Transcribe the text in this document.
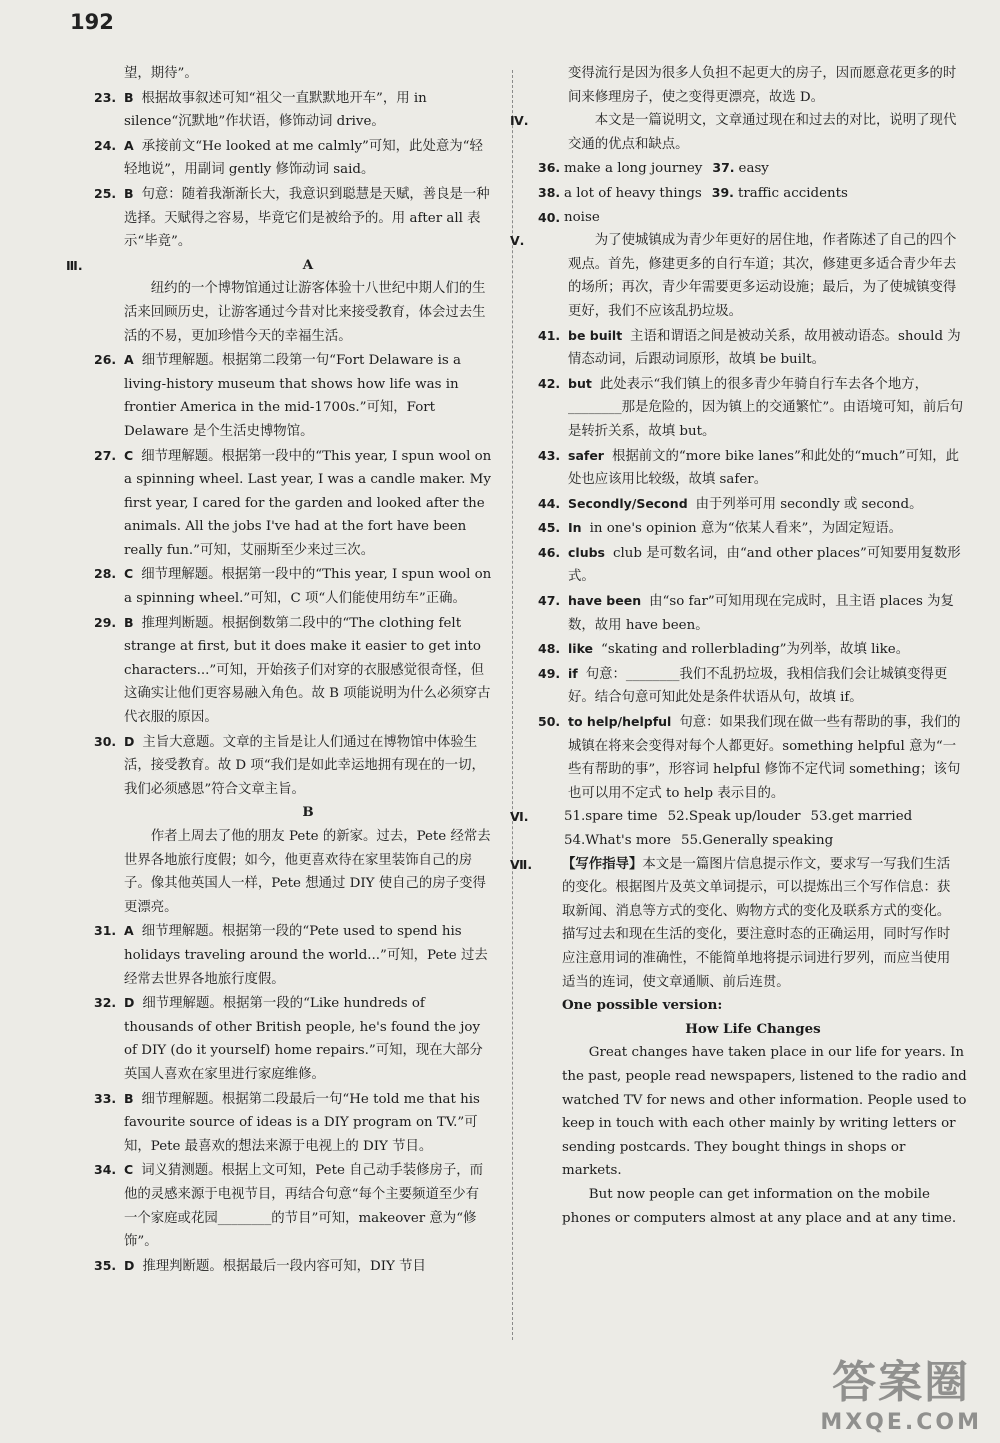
192

望，期待”。

23. B 根据故事叙述可知“祖父一直默默地开车”，用 in silence“沉默地”作状语，修饰动词 drive。
24. A 承接前文“He looked at me calmly”可知，此处意为“轻轻地说”，用副词 gently 修饰动词 said。
25. B 句意：随着我渐渐长大，我意识到聪慧是天赋，善良是一种选择。天赋得之容易，毕竟它们是被给予的。用 after all 表示“毕竟”。
Ⅲ.	A

纽约的一个博物馆通过让游客体验十八世纪中期人们的生活来回顾历史，让游客通过今昔对比来接受教育，体会过去生活的不易，更加珍惜今天的幸福生活。

26. A 细节理解题。根据第二段第一句“Fort Delaware is a living-history museum that shows how life was in frontier America in the mid-1700s.”可知，Fort Delaware 是个生活史博物馆。
27. C 细节理解题。根据第一段中的“This year, I spun wool on a spinning wheel. Last year, I was a candle maker. My first year, I cared for the garden and looked after the animals. All the jobs I've had at the fort have been really fun.”可知，艾丽斯至少来过三次。
28. C 细节理解题。根据第一段中的“This year, I spun wool on a spinning wheel.”可知，C 项“人们能使用纺车”正确。
29. B 推理判断题。根据倒数第二段中的“The clothing felt strange at first, but it does make it easier to get into characters...”可知，开始孩子们对穿的衣服感觉很奇怪，但这确实让他们更容易融入角色。故 B 项能说明为什么必须穿古代衣服的原因。
30. D 主旨大意题。文章的主旨是让人们通过在博物馆中体验生活，接受教育。故 D 项“我们是如此幸运地拥有现在的一切，我们必须感恩”符合文章主旨。

B

作者上周去了他的朋友 Pete 的新家。过去，Pete 经常去世界各地旅行度假；如今，他更喜欢待在家里装饰自己的房子。像其他英国人一样，Pete 想通过 DIY 使自己的房子变得更漂亮。

31. A 细节理解题。根据第一段的“Pete used to spend his holidays traveling around the world...”可知，Pete 过去经常去世界各地旅行度假。
32. D 细节理解题。根据第一段的“Like hundreds of thousands of other British people, he's found the joy of DIY (do it yourself) home repairs.”可知，现在大部分英国人喜欢在家里进行家庭维修。
33. B 细节理解题。根据第二段最后一句“He told me that his favourite source of ideas is a DIY program on TV.”可知，Pete 最喜欢的想法来源于电视上的 DIY 节目。
34. C 词义猜测题。根据上文可知，Pete 自己动手装修房子，而他的灵感来源于电视节目，再结合句意“每个主要频道至少有一个家庭或花园________的节目”可知，makeover 意为“修饰”。
35. D 推理判断题。根据最后一段内容可知，DIY 节目

变得流行是因为很多人负担不起更大的房子，因而愿意花更多的时间来修理房子，使之变得更漂亮，故选 D。

Ⅳ.	本文是一篇说明文，文章通过现在和过去的对比，说明了现代交通的优点和缺点。

36. make a long journey 37. easy

38. a lot of heavy things 39. traffic accidents

40. noise

Ⅴ.	为了使城镇成为青少年更好的居住地，作者陈述了自己的四个观点。首先，修建更多的自行车道；其次，修建更多适合青少年去的场所；再次，青少年需要更多运动设施；最后，为了使城镇变得更好，我们不应该乱扔垃圾。

41. be built 主语和谓语之间是被动关系，故用被动语态。should 为情态动词，后跟动词原形，故填 be built。
42. but 此处表示“我们镇上的很多青少年骑自行车去各个地方，________那是危险的，因为镇上的交通繁忙”。由语境可知，前后句是转折关系，故填 but。
43. safer 根据前文的“more bike lanes”和此处的“much”可知，此处也应该用比较级，故填 safer。
44. Secondly/Second 由于列举可用 secondly 或 second。
45. In in one's opinion 意为“依某人看来”，为固定短语。
46. clubs club 是可数名词，由“and other places”可知要用复数形式。
47. have been 由“so far”可知用现在完成时，且主语 places 为复数，故用 have been。
48. like “skating and rollerblading”为列举，故填 like。
49. if 句意：________我们不乱扔垃圾，我相信我们会让城镇变得更好。结合句意可知此处是条件状语从句，故填 if。
50. to help/helpful 句意：如果我们现在做一些有帮助的事，我们的城镇在将来会变得对每个人都更好。something helpful 意为“一些有帮助的事”，形容词 helpful 修饰不定代词 something；该句也可以用不定式 to help 表示目的。
Ⅵ.	51.spare time 52.Speak up/louder 53.get married

54.What's more 55.Generally speaking

Ⅶ. 【写作指导】本文是一篇图片信息提示作文，要求写一写我们生活的变化。根据图片及英文单词提示，可以提炼出三个写作信息：获取新闻、消息等方式的变化、购物方式的变化及联系方式的变化。描写过去和现在生活的变化，要注意时态的正确运用，同时写作时应注意用词的准确性，不能简单地将提示词进行罗列，而应当使用适当的连词，使文章通顺、前后连贯。

One possible version:

How Life Changes

Great changes have taken place in our life for years. In the past, people read newspapers, listened to the radio and watched TV for news and other information. People used to keep in touch with each other mainly by writing letters or sending postcards. They bought things in shops or markets.

But now people can get information on the mobile phones or computers almost at any place and at any time.

答案圈
MXQE.COM
